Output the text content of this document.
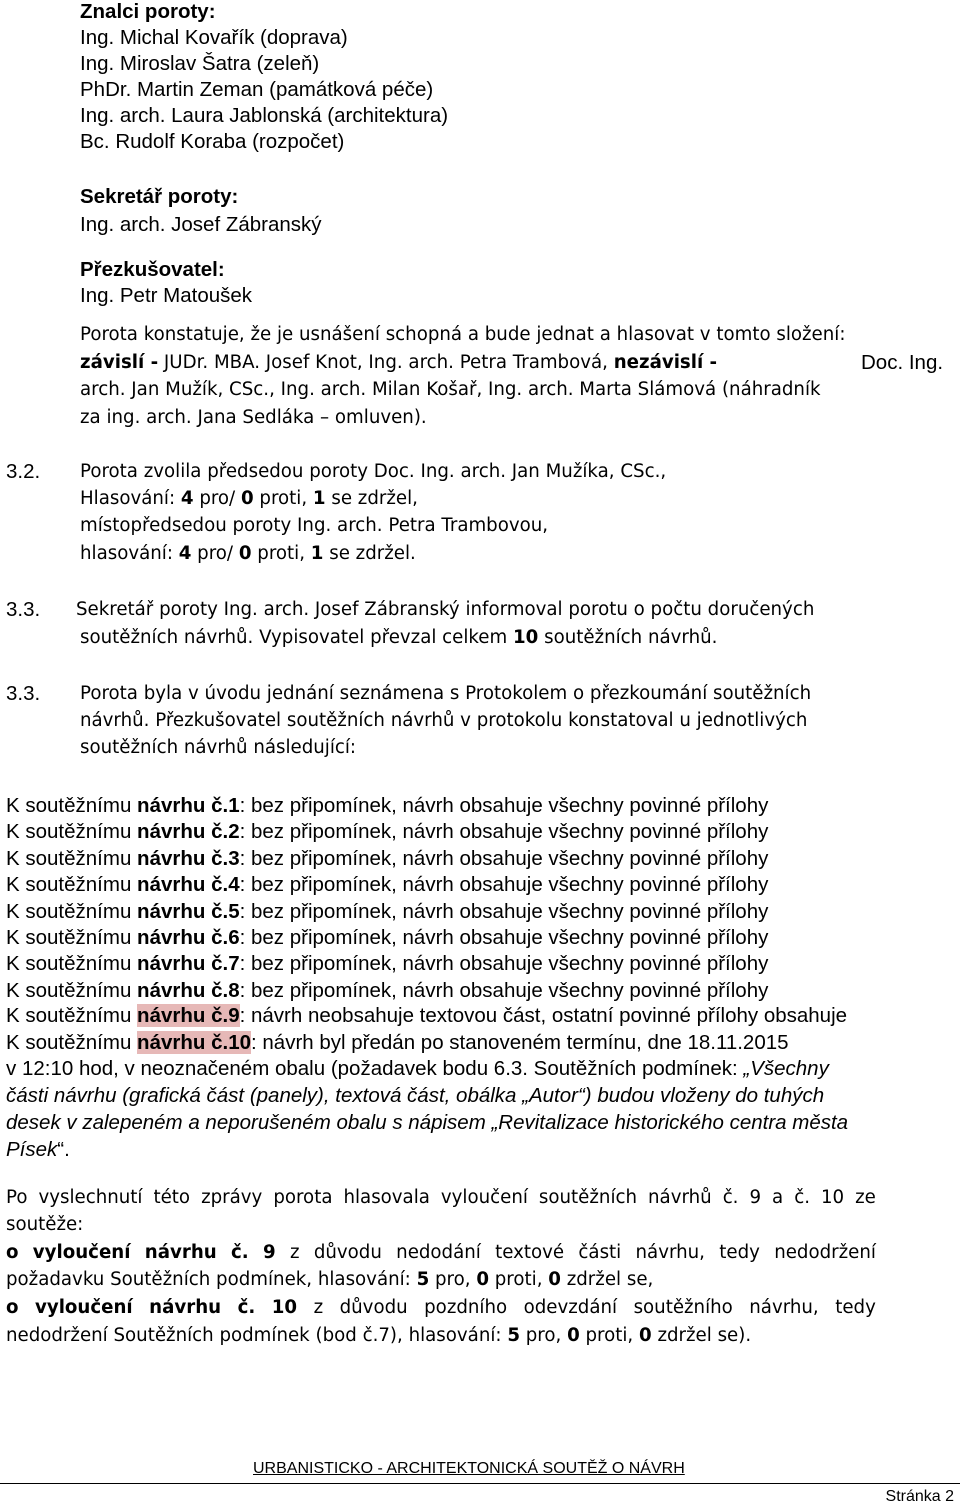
Znalci poroty:
Ing. Michal Kovařík (doprava)
Ing. Miroslav Šatra (zeleň)
PhDr. Martin Zeman (památková péče)
Ing. arch. Laura Jablonská (architektura)
Bc. Rudolf Koraba (rozpočet)
Sekretář poroty:
Ing. arch. Josef Zábranský
Přezkušovatel:
Ing. Petr Matoušek
Porota konstatuje, že je usnášení schopná a bude jednat a hlasovat v tomto složení:
závislí - JUDr. MBA. Josef Knot, Ing. arch. Petra Trambová, nezávislí -	Doc. Ing.
arch. Jan Mužík, CSc., Ing. arch. Milan Košař, Ing. arch. Marta Slámová (náhradník
za ing. arch. Jana Sedláka – omluven).
3.2. Porota zvolila předsedou poroty Doc. Ing. arch. Jan Mužíka, CSc.,
Hlasování: 4 pro/ 0 proti, 1 se zdržel,
místopředsedou poroty Ing. arch. Petra Trambovou,
hlasování: 4 pro/ 0 proti, 1 se zdržel.
3.3. Sekretář poroty Ing. arch. Josef Zábranský informoval porotu o počtu doručených
soutěžních návrhů. Vypisovatel převzal celkem 10 soutěžních návrhů.
3.3. Porota byla v úvodu jednání seznámena s Protokolem o přezkoumání soutěžních
návrhů. Přezkušovatel soutěžních návrhů v protokolu konstatoval u jednotlivých
soutěžních návrhů následující:
K soutěžnímu návrhu č.1: bez připomínek, návrh obsahuje všechny povinné přílohy
K soutěžnímu návrhu č.2: bez připomínek, návrh obsahuje všechny povinné přílohy
K soutěžnímu návrhu č.3: bez připomínek, návrh obsahuje všechny povinné přílohy
K soutěžnímu návrhu č.4: bez připomínek, návrh obsahuje všechny povinné přílohy
K soutěžnímu návrhu č.5: bez připomínek, návrh obsahuje všechny povinné přílohy
K soutěžnímu návrhu č.6: bez připomínek, návrh obsahuje všechny povinné přílohy
K soutěžnímu návrhu č.7: bez připomínek, návrh obsahuje všechny povinné přílohy
K soutěžnímu návrhu č.8: bez připomínek, návrh obsahuje všechny povinné přílohy
K soutěžnímu návrhu č.9: návrh neobsahuje textovou část, ostatní povinné přílohy obsahuje
K soutěžnímu návrhu č.10: návrh byl předán po stanoveném termínu, dne 18.11.2015
v 12:10 hod, v neoznačeném obalu (požadavek bodu 6.3. Soutěžních podmínek: „Všechny
části návrhu (grafická část (panely), textová část, obálka „Autor“) budou vloženy do tuhých
desek v zalepeném a neporušeném obalu s nápisem „Revitalizace historického centra města
Písek“.
Po vyslechnutí této zprávy porota hlasovala vyloučení soutěžních návrhů č. 9 a č. 10 ze
soutěže:
o vyloučení návrhu č. 9 z důvodu nedodání textové části návrhu, tedy nedodržení
požadavku Soutěžních podmínek, hlasování: 5 pro, 0 proti, 0 zdržel se,
o vyloučení návrhu č. 10 z důvodu pozdního odevzdání soutěžního návrhu, tedy
nedodržení Soutěžních podmínek (bod č.7), hlasování: 5 pro, 0 proti, 0 zdržel se).
URBANISTICKO - ARCHITEKTONICKÁ SOUTĚŽ O NÁVRH
Stránka 2
